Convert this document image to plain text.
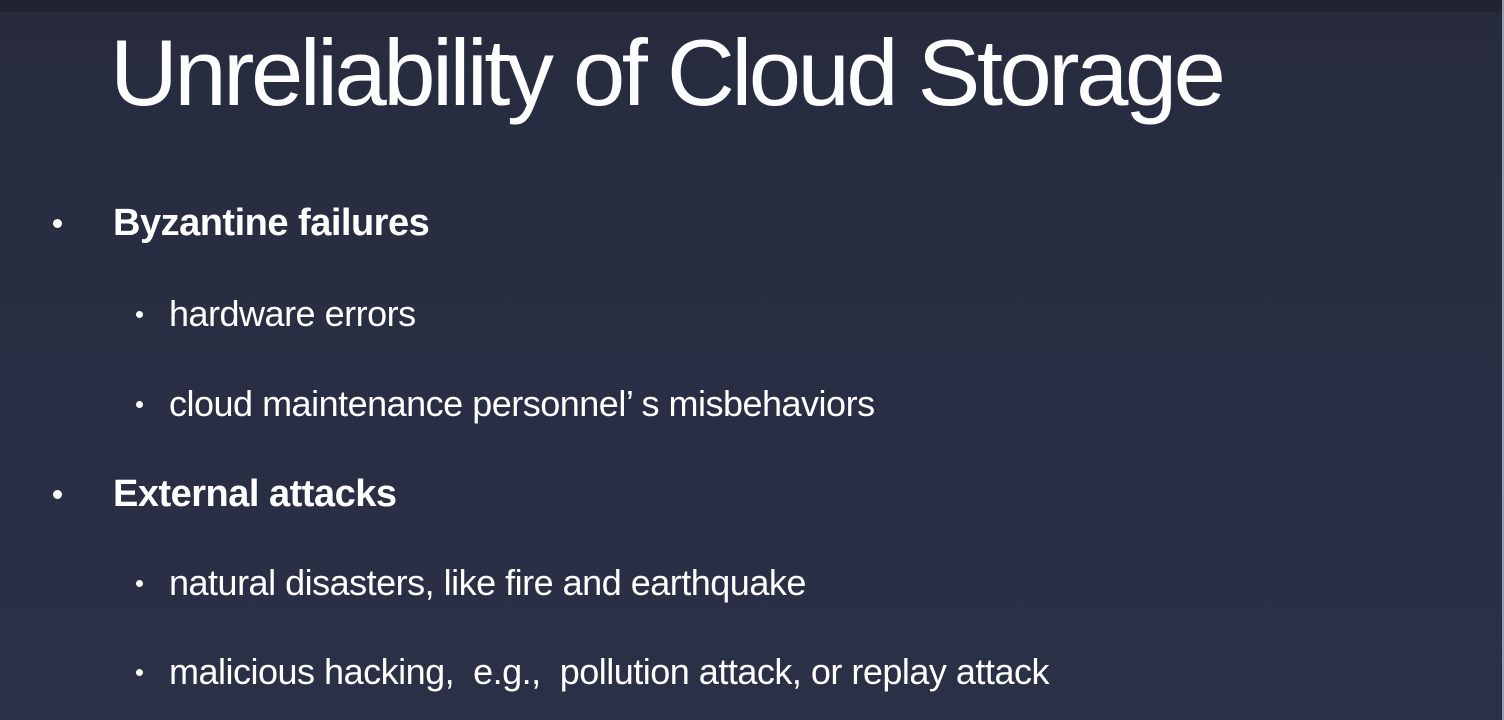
Unreliability of Cloud Storage
Byzantine failures
hardware errors
cloud maintenance personnel’ s misbehaviors
External attacks
natural disasters, like fire and earthquake
malicious hacking,  e.g.,  pollution attack, or replay attack
